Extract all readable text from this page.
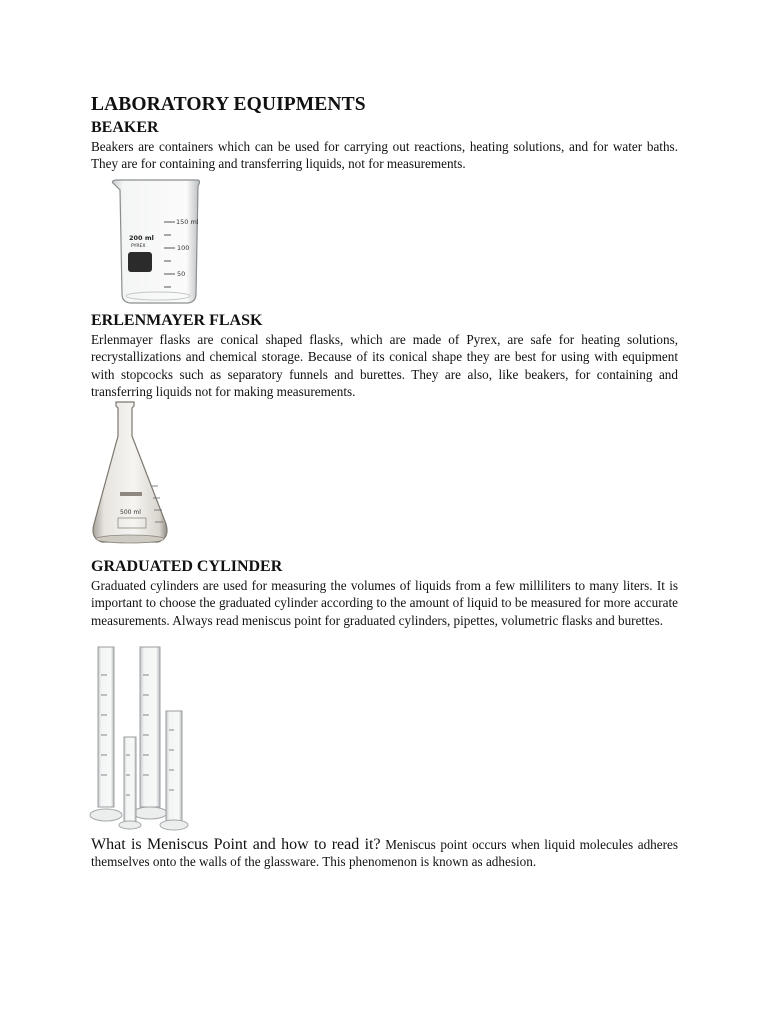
LABORATORY EQUIPMENTS
BEAKER
Beakers are containers which can be used for carrying out reactions, heating solutions, and for water baths. They are for containing and transferring liquids, not for measurements.
150 ml
100
50
200 ml
PYREX
ERLENMAYER FLASK
Erlenmayer flasks are conical shaped flasks, which are made of Pyrex, are safe for heating solutions, recrystallizations and chemical storage. Because of its conical shape they are best for using with equipment with stopcocks such as separatory funnels and burettes. They are also, like beakers, for containing and transferring liquids not for making measurements.
500 ml
GRADUATED CYLINDER
Graduated cylinders are used for measuring the volumes of liquids from a few milliliters to many liters. It is important to choose the graduated cylinder according to the amount of liquid to be measured for more accurate measurements. Always read meniscus point for graduated cylinders, pipettes, volumetric flasks and burettes.
What is Meniscus Point and how to read it? Meniscus point occurs when liquid molecules adheres themselves onto the walls of the glassware. This phenomenon is known as adhesion.
